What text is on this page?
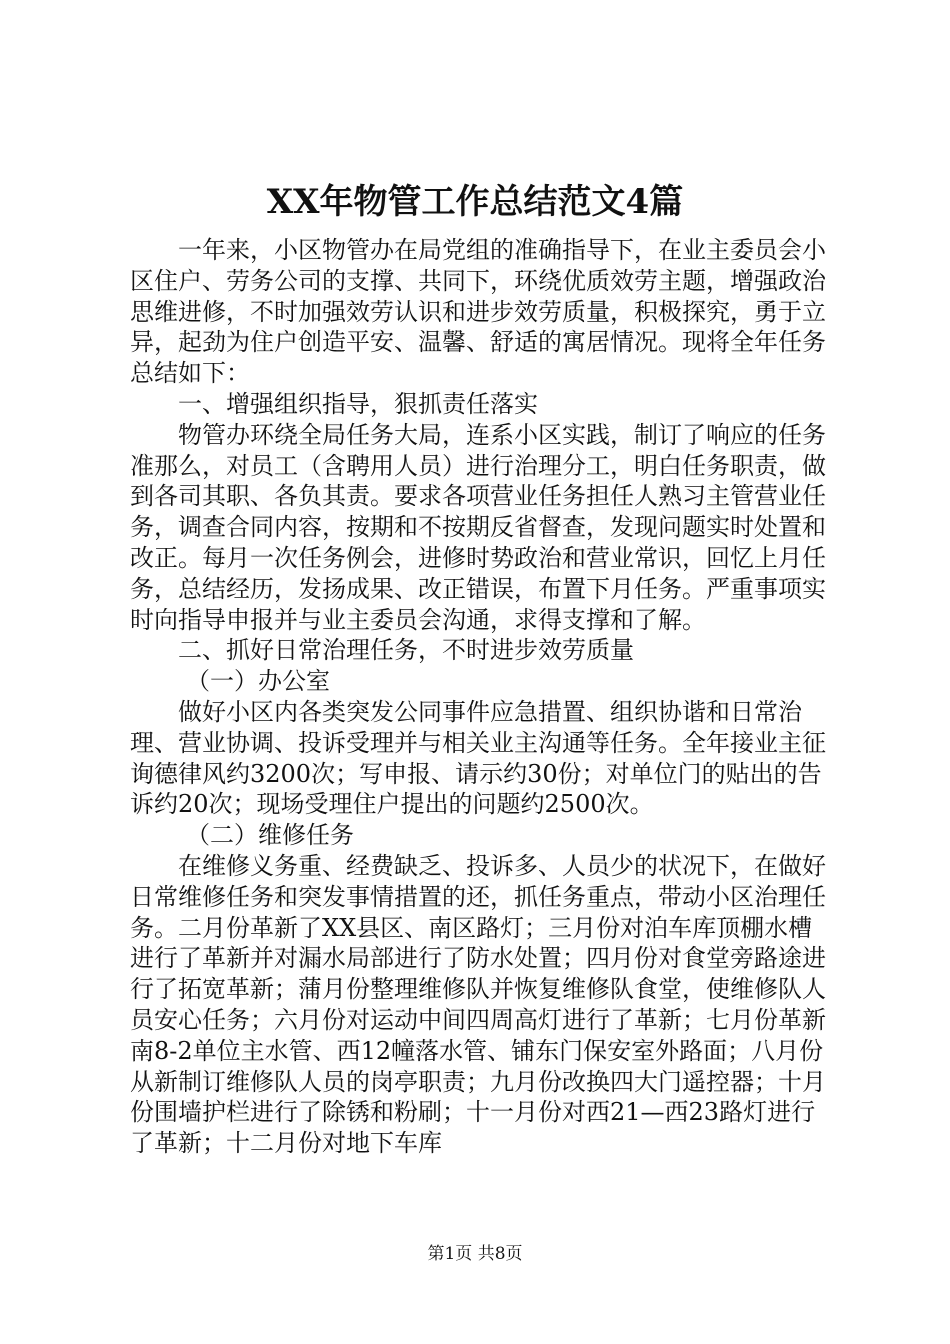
XX年物管工作总结范文4篇

一年来，小区物管办在局党组的准确指导下，在业主委员会小区住户、劳务公司的支撑、共同下，环绕优质效劳主题，增强政治思维进修，不时加强效劳认识和进步效劳质量，积极探究，勇于立异，起劲为住户创造平安、温馨、舒适的寓居情况。现将全年任务总结如下：

一、增强组织指导，狠抓责任落实

物管办环绕全局任务大局，连系小区实践，制订了响应的任务准那么，对员工（含聘用人员）进行治理分工，明白任务职责，做到各司其职、各负其责。要求各项营业任务担任人熟习主管营业任务，调查合同内容，按期和不按期反省督查，发现问题实时处置和改正。每月一次任务例会，进修时势政治和营业常识，回忆上月任务，总结经历，发扬成果、改正错误，布置下月任务。严重事项实时向指导申报并与业主委员会沟通，求得支撑和了解。

二、抓好日常治理任务，不时进步效劳质量

（一）办公室

做好小区内各类突发公同事件应急措置、组织协谐和日常治理、营业协调、投诉受理并与相关业主沟通等任务。全年接业主征询德律风约3200次；写申报、请示约30份；对单位门的贴出的告诉约20次；现场受理住户提出的问题约2500次。

（二）维修任务

在维修义务重、经费缺乏、投诉多、人员少的状况下，在做好日常维修任务和突发事情措置的还，抓任务重点，带动小区治理任务。二月份革新了XX县区、南区路灯；三月份对泊车库顶棚水槽进行了革新并对漏水局部进行了防水处置；四月份对食堂旁路途进行了拓宽革新；蒲月份整理维修队并恢复维修队食堂，使维修队人员安心任务；六月份对运动中间四周高灯进行了革新；七月份革新南8-2单位主水管、西12幢落水管、铺东门保安室外路面；八月份从新制订维修队人员的岗亭职责；九月份改换四大门遥控器；十月份围墙护栏进行了除锈和粉刷；十一月份对西21—西23路灯进行了革新；十二月份对地下车库

第1页 共8页
